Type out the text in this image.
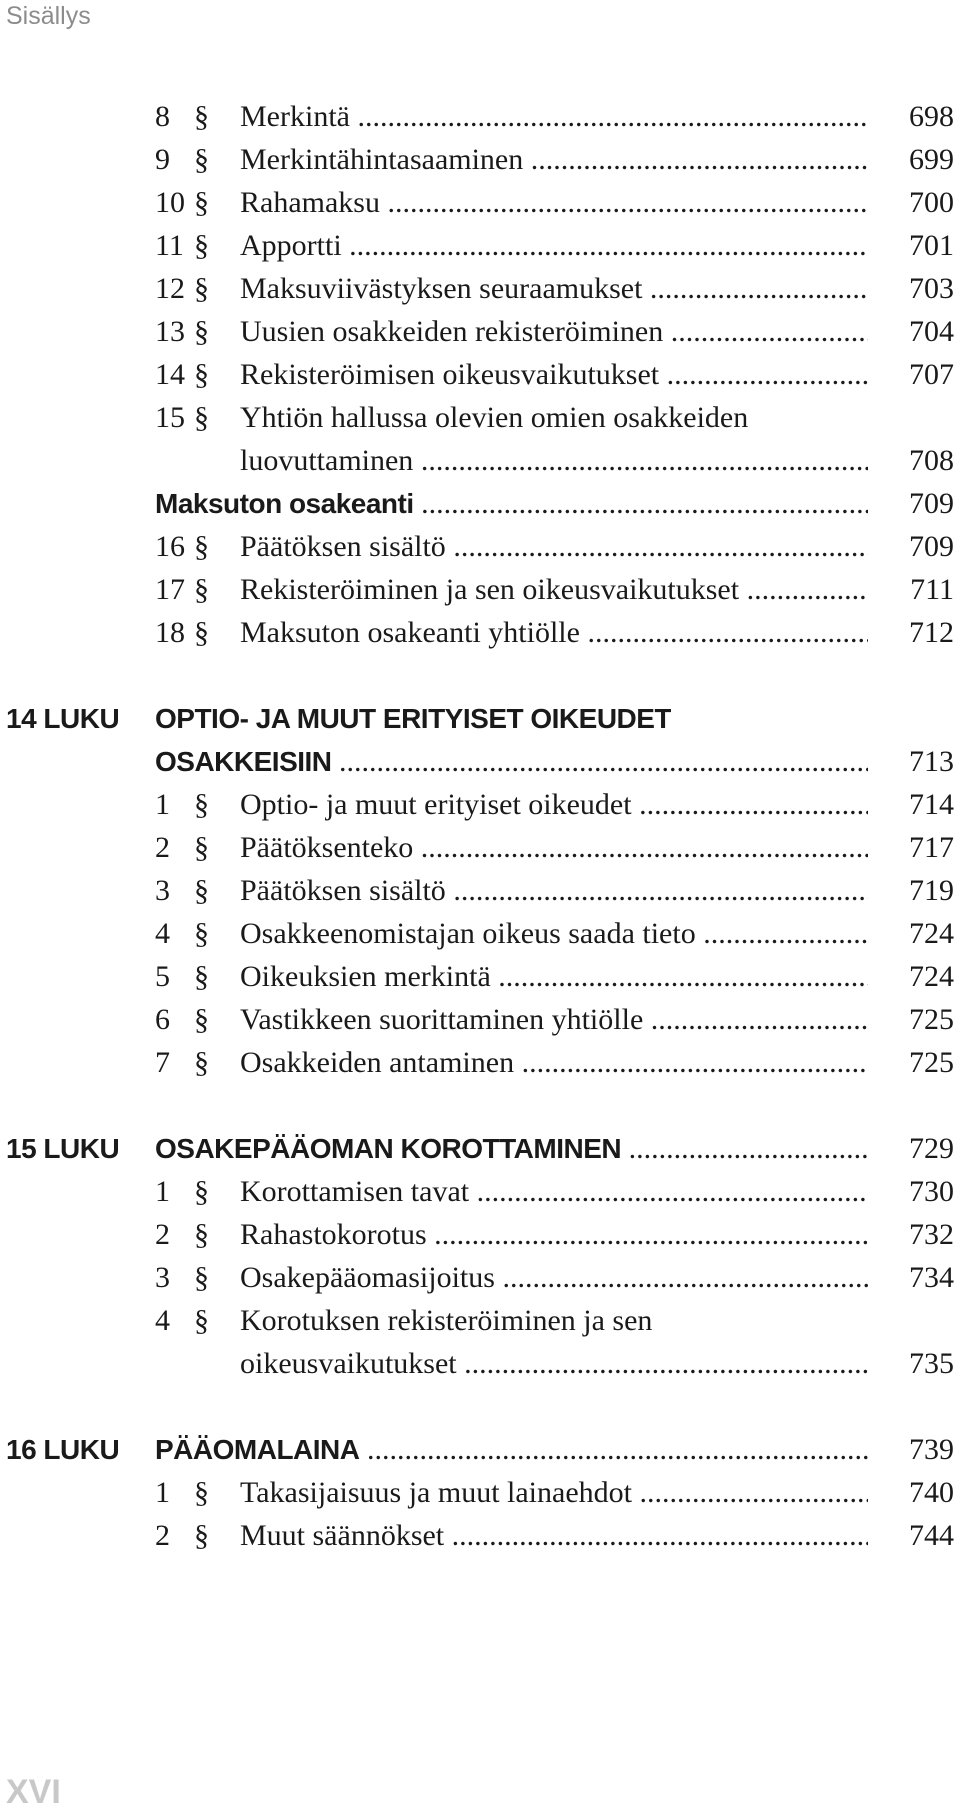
Sisällys
8 §	Merkintä .....	698
9 §	Merkintähintasaaminen .....	699
10 §	Rahamaksu .....	700
11 §	Apportti .....	701
12 §	Maksuviivästyksen seuraamukset .....	703
13 §	Uusien osakkeiden rekisteröiminen .....	704
14 §	Rekisteröimisen oikeusvaikutukset .....	707
15 §	Yhtiön hallussa olevien omien osakkeiden
luovuttaminen .....	708
Maksuton osakeanti .....	709
16 §	Päätöksen sisältö .....	709
17 §	Rekisteröiminen ja sen oikeusvaikutukset .....	711
18 §	Maksuton osakeanti yhtiölle .....	712
14 LUKU OPTIO- JA MUUT ERITYISET OIKEUDET
OSAKKEISIIN .....	713
1 §	Optio- ja muut erityiset oikeudet .....	714
2 §	Päätöksenteko .....	717
3 §	Päätöksen sisältö .....	719
4 §	Osakkeenomistajan oikeus saada tieto .....	724
5 §	Oikeuksien merkintä .....	724
6 §	Vastikkeen suorittaminen yhtiölle .....	725
7 §	Osakkeiden antaminen .....	725
15 LUKU OSAKEPÄÄOMAN KOROTTAMINEN .....	729
1 §	Korottamisen tavat .....	730
2 §	Rahastokorotus .....	732
3 §	Osakepääomasijoitus .....	734
4 §	Korotuksen rekisteröiminen ja sen
oikeusvaikutukset .....	735
16 LUKU PÄÄOMALAINA .....	739
1 §	Takasijaisuus ja muut lainaehdot .....	740
2 §	Muut säännökset .....	744
XVI
